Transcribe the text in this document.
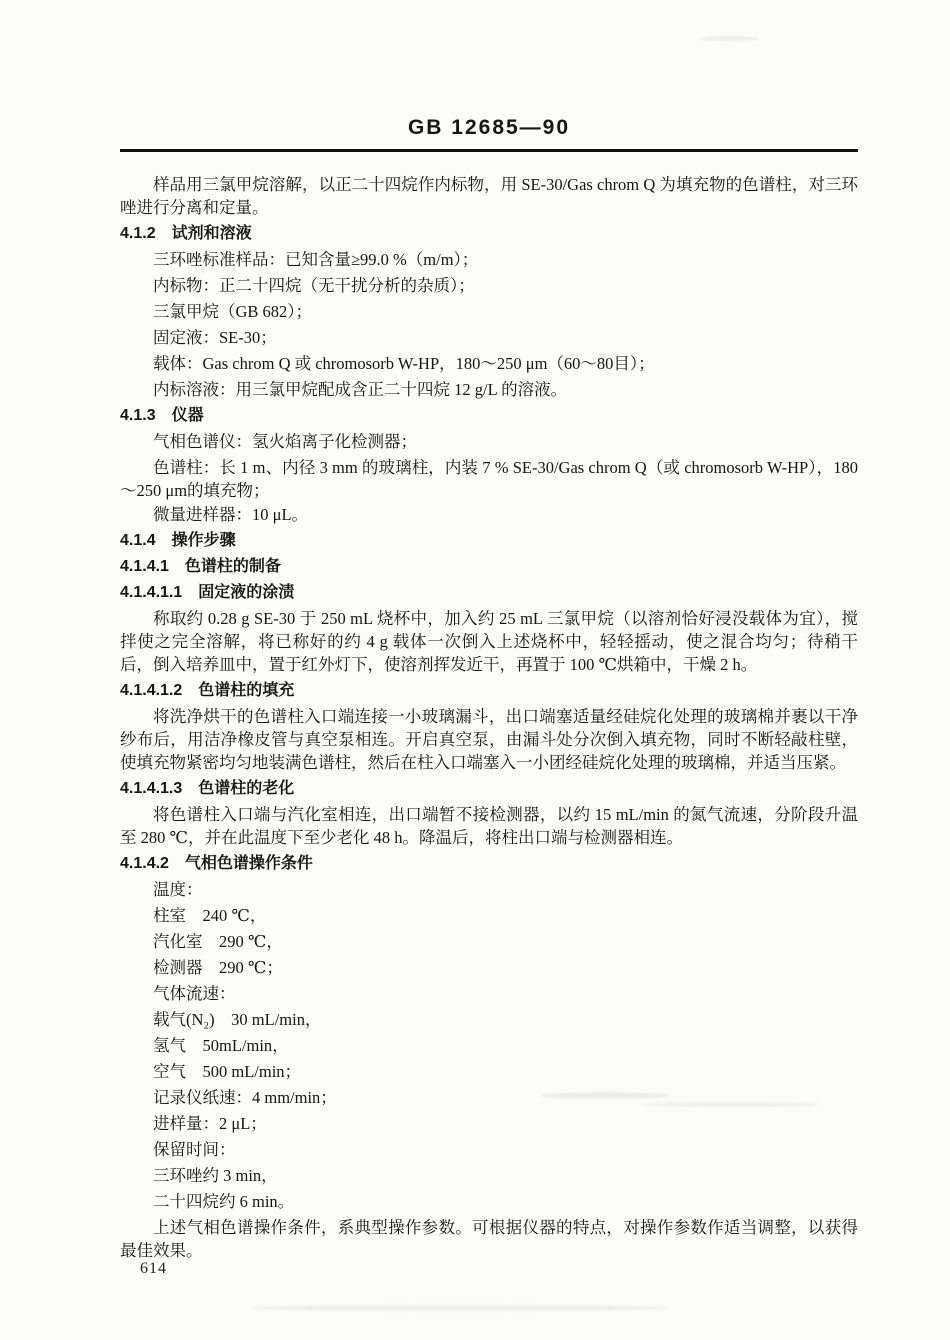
GB 12685—90
样品用三氯甲烷溶解，以正二十四烷作内标物，用 SE-30/Gas chrom Q 为填充物的色谱柱，对三环唑进行分离和定量。
4.1.2　试剂和溶液
三环唑标准样品：已知含量≥99.0 %（m/m）；
内标物：正二十四烷（无干扰分析的杂质）；
三氯甲烷（GB 682）；
固定液：SE-30；
载体：Gas chrom Q 或 chromosorb W-HP，180～250 μm（60～80目）；
内标溶液：用三氯甲烷配成含正二十四烷 12 g/L 的溶液。
4.1.3　仪器
气相色谱仪：氢火焰离子化检测器；
色谱柱：长 1 m、内径 3 mm 的玻璃柱，内装 7 % SE-30/Gas chrom Q（或 chromosorb W-HP），180～250 μm的填充物；
微量进样器：10 μL。
4.1.4　操作步骤
4.1.4.1　色谱柱的制备
4.1.4.1.1　固定液的涂渍
称取约 0.28 g SE-30 于 250 mL 烧杯中，加入约 25 mL 三氯甲烷（以溶剂恰好浸没载体为宜），搅拌使之完全溶解，将已称好的约 4 g 载体一次倒入上述烧杯中，轻轻摇动，使之混合均匀；待稍干后，倒入培养皿中，置于红外灯下，使溶剂挥发近干，再置于 100 ℃烘箱中，干燥 2 h。
4.1.4.1.2　色谱柱的填充
将洗净烘干的色谱柱入口端连接一小玻璃漏斗，出口端塞适量经硅烷化处理的玻璃棉并裹以干净纱布后，用洁净橡皮管与真空泵相连。开启真空泵，由漏斗处分次倒入填充物，同时不断轻敲柱壁，使填充物紧密均匀地装满色谱柱，然后在柱入口端塞入一小团经硅烷化处理的玻璃棉，并适当压紧。
4.1.4.1.3　色谱柱的老化
将色谱柱入口端与汽化室相连，出口端暂不接检测器，以约 15 mL/min 的氮气流速，分阶段升温至 280 ℃，并在此温度下至少老化 48 h。降温后，将柱出口端与检测器相连。
4.1.4.2　气相色谱操作条件
温度：
柱室　240 ℃，
汽化室　290 ℃，
检测器　290 ℃；
气体流速：
载气(N₂)　30 mL/min，
氢气　50mL/min，
空气　500 mL/min；
记录仪纸速：4 mm/min；
进样量：2 μL；
保留时间：
三环唑约 3 min，
二十四烷约 6 min。
上述气相色谱操作条件，系典型操作参数。可根据仪器的特点，对操作参数作适当调整，以获得最佳效果。
614
